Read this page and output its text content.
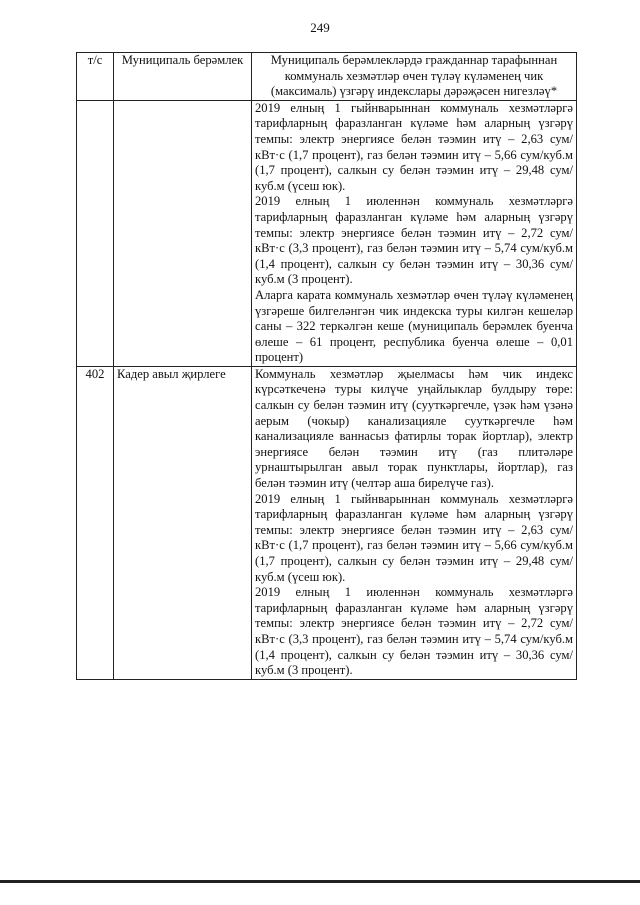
249
т/с	Муниципаль берәмлек	Муниципаль берәмлекләрдә гражданнар тарафыннан коммуналь хезмәтләр өчен түләү күләменең чик (максималь) үзгәрү индекслары дәрәҗәсен нигезләү*

		2019 елның 1 гыйнварыннан коммуналь хезмәтләргә тарифларның фаразланган күләме һәм аларның үзгәрү темпы: электр энергиясе белән тәэмин итү – 2,63 сум/кВт·с (1,7 процент), газ белән тәэмин итү – 5,66 сум/куб.м (1,7 процент), салкын су белән тәэмин итү – 29,48 сум/куб.м (үсеш юк).

2019 елның 1 июленнән коммуналь хезмәтләргә тарифларның фаразланган күләме һәм аларның үзгәрү темпы: электр энергиясе белән тәэмин итү – 2,72 сум/кВт·с (3,3 процент), газ белән тәэмин итү – 5,74 сум/куб.м (1,4 процент), салкын су белән тәэмин итү – 30,36 сум/куб.м (3 процент).

Аларга карата коммуналь хезмәтләр өчен түләү күләменең үзгәреше билгеләнгән чик индекска туры килгән кешеләр саны – 322 теркәлгән кеше (муниципаль берәмлек буенча өлеше – 61 процент, республика буенча өлеше – 0,01 процент)

402	Кадер авыл җирлеге	Коммуналь хезмәтләр җыелмасы һәм чик индекс күрсәткеченә туры килүче уңайлыклар булдыру төре: салкын су белән тәэмин итү (сууткәргечле, үзәк һәм үзәнә аерым (чокыр) канализацияле сууткәргечле һәм канализацияле ваннасыз фатирлы торак йортлар), электр энергиясе белән тәэмин итү (газ плитәләре урнаштырылган авыл торак пунктлары, йортлар), газ белән тәэмин итү (челтәр аша бирелүче газ).

2019 елның 1 гыйнварыннан коммуналь хезмәтләргә тарифларның фаразланган күләме һәм аларның үзгәрү темпы: электр энергиясе белән тәэмин итү – 2,63 сум/кВт·с (1,7 процент), газ белән тәэмин итү – 5,66 сум/куб.м (1,7 процент), салкын су белән тәэмин итү – 29,48 сум/куб.м (үсеш юк).

2019 елның 1 июленнән коммуналь хезмәтләргә тарифларның фаразланган күләме һәм аларның үзгәрү темпы: электр энергиясе белән тәэмин итү – 2,72 сум/кВт·с (3,3 процент), газ белән тәэмин итү – 5,74 сум/куб.м (1,4 процент), салкын су белән тәэмин итү – 30,36 сум/куб.м (3 процент).
